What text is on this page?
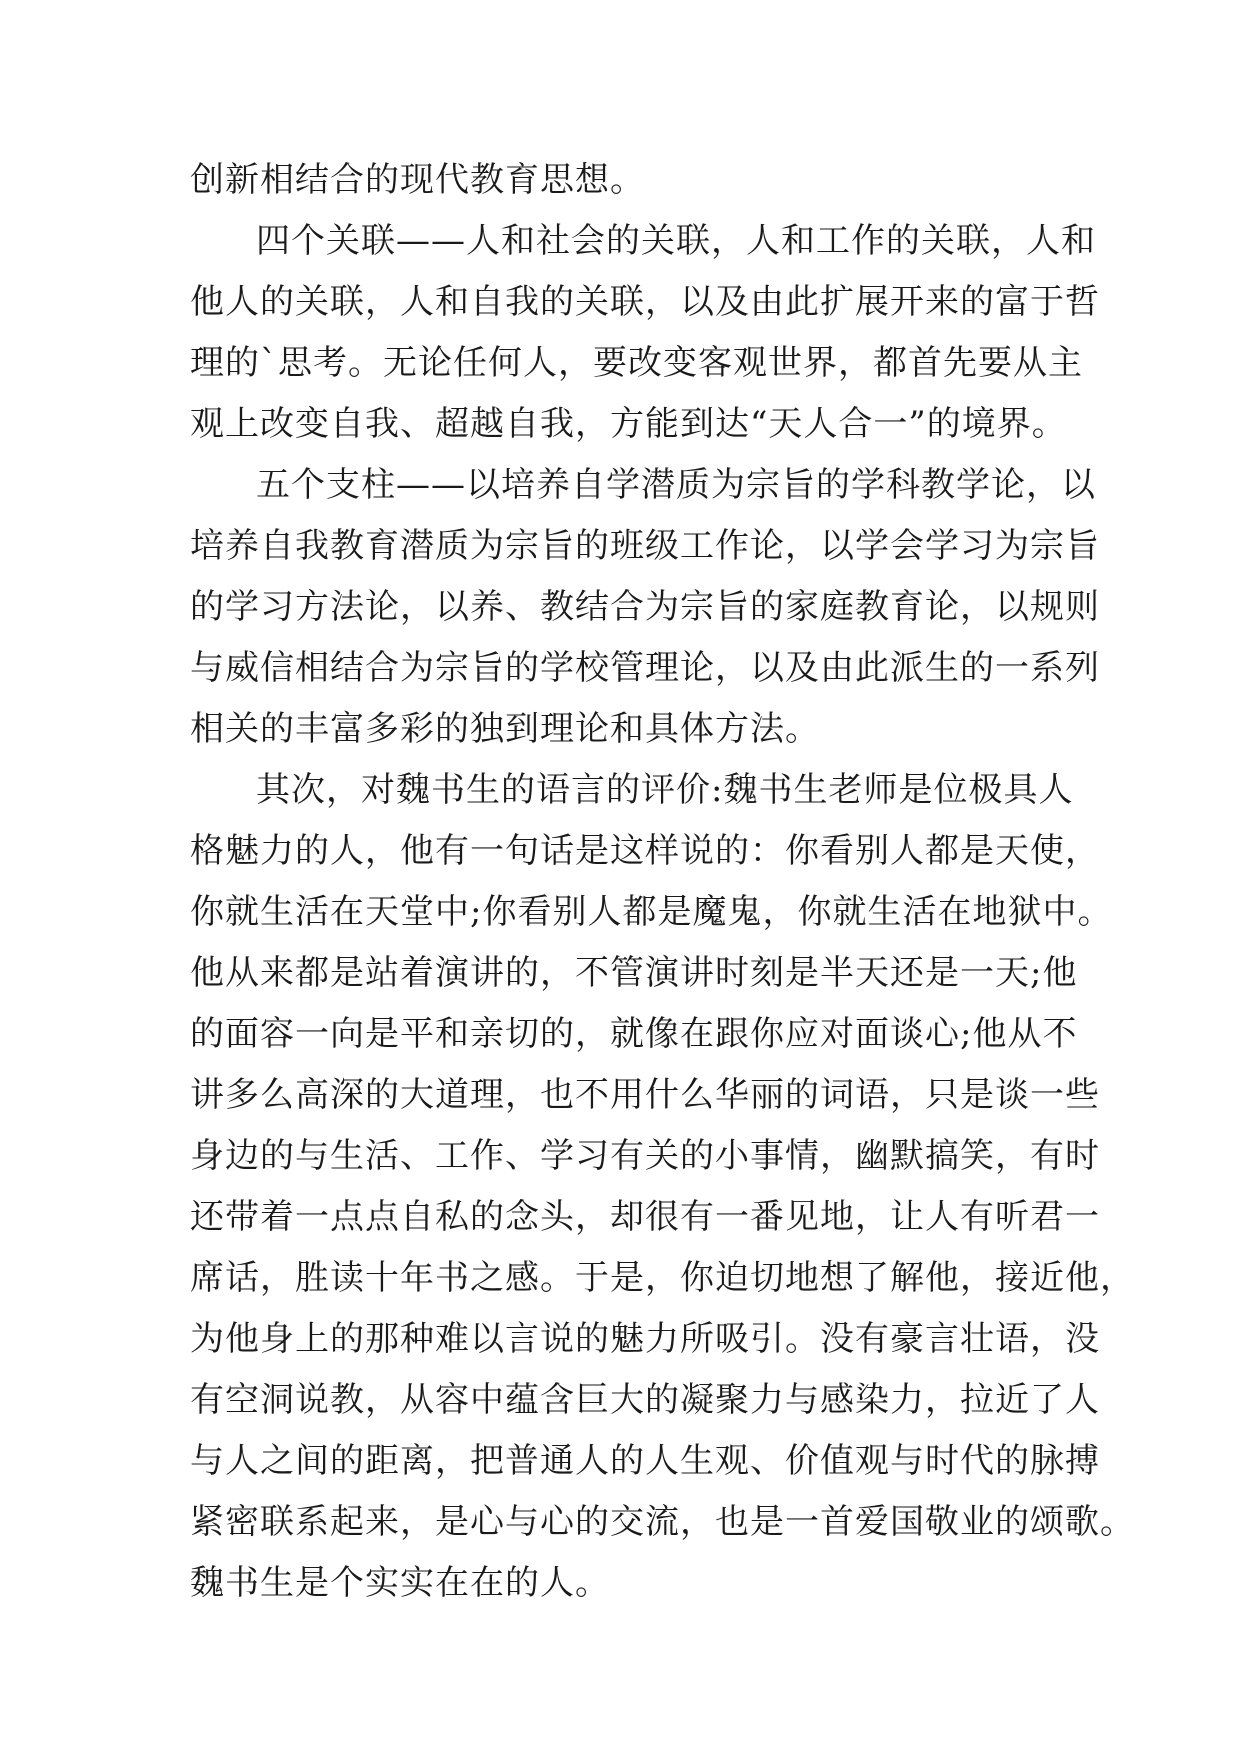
创新相结合的现代教育思想。
四个关联——人和社会的关联，人和工作的关联，人和
他人的关联，人和自我的关联，以及由此扩展开来的富于哲
理的`思考。无论任何人，要改变客观世界，都首先要从主
观上改变自我、超越自我，方能到达“天人合一”的境界。
五个支柱——以培养自学潜质为宗旨的学科教学论，以
培养自我教育潜质为宗旨的班级工作论，以学会学习为宗旨
的学习方法论，以养、教结合为宗旨的家庭教育论，以规则
与威信相结合为宗旨的学校管理论，以及由此派生的一系列
相关的丰富多彩的独到理论和具体方法。
其次，对魏书生的语言的评价:魏书生老师是位极具人
格魅力的人，他有一句话是这样说的：你看别人都是天使，
你就生活在天堂中;你看别人都是魔鬼，你就生活在地狱中。
他从来都是站着演讲的，不管演讲时刻是半天还是一天;他
的面容一向是平和亲切的，就像在跟你应对面谈心;他从不
讲多么高深的大道理，也不用什么华丽的词语，只是谈一些
身边的与生活、工作、学习有关的小事情，幽默搞笑，有时
还带着一点点自私的念头，却很有一番见地，让人有听君一
席话，胜读十年书之感。于是，你迫切地想了解他，接近他，
为他身上的那种难以言说的魅力所吸引。没有豪言壮语，没
有空洞说教，从容中蕴含巨大的凝聚力与感染力，拉近了人
与人之间的距离，把普通人的人生观、价值观与时代的脉搏
紧密联系起来，是心与心的交流，也是一首爱国敬业的颂歌。
魏书生是个实实在在的人。
